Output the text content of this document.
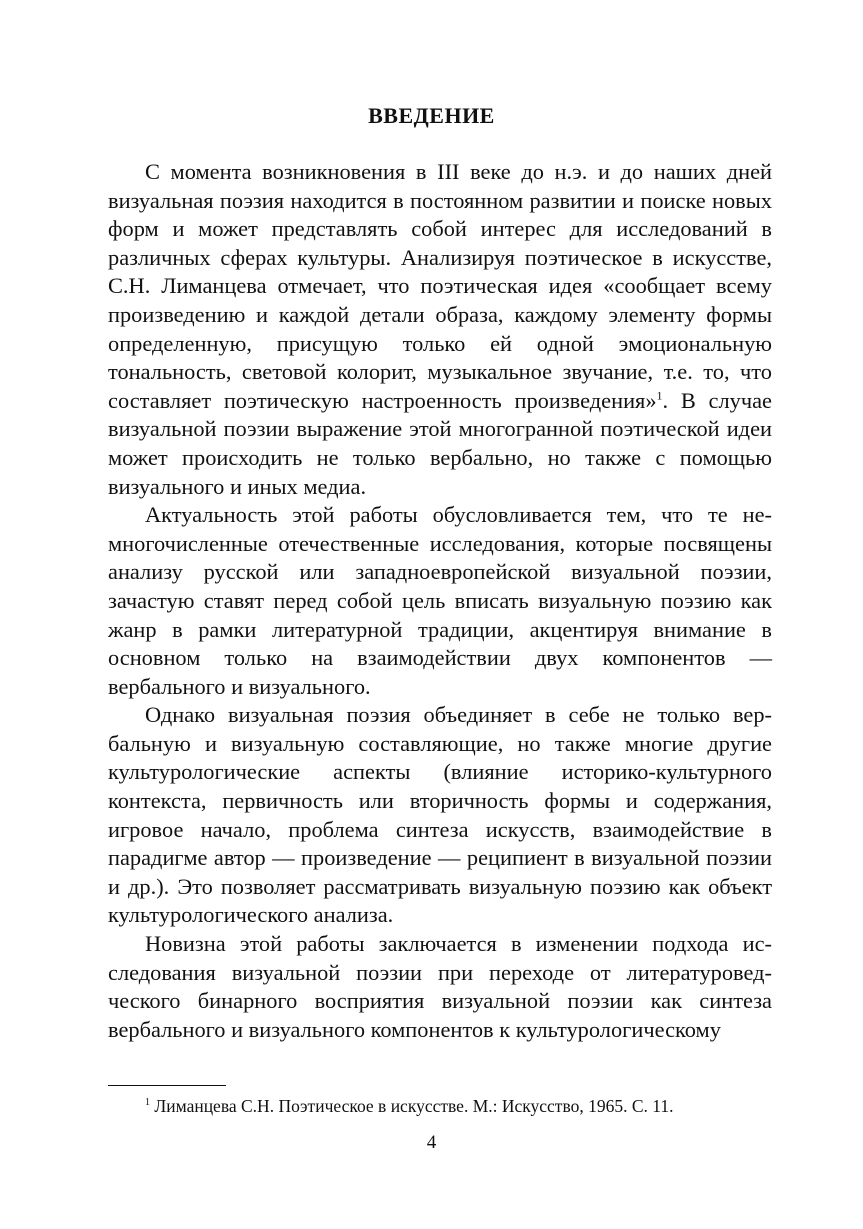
ВВЕДЕНИЕ

С момента возникновения в III веке до н.э. и до наших дней визуальная поэзия находится в постоянном развитии и поиске новых форм и может представлять собой интерес для исследований в различных сферах культуры. Анализируя поэтическое в искусстве, С.Н. Лиманцева отмечает, что поэтическая идея «сообщает всему произведению и каждой детали образа, каждому элементу формы определенную, присущую только ей одной эмоциональную тональность, световой колорит, музыкальное звучание, т.е. то, что составляет поэтическую настроенность произведения»$^1$. В случае визуальной поэзии выражение этой многогранной поэтической идеи может происходить не только вербально, но также с помощью визуального и иных медиа.

Актуальность этой работы обусловливается тем, что те немногочисленные отечественные исследования, которые посвящены анализу русской или западноевропейской визуальной поэзии, зачастую ставят перед собой цель вписать визуальную поэзию как жанр в рамки литературной традиции, акцентируя внимание в основном только на взаимодействии двух компонентов — вербального и визуального.

Однако визуальная поэзия объединяет в себе не только вербальную и визуальную составляющие, но также многие другие культурологические аспекты (влияние историко-культурного контекста, первичность или вторичность формы и содержания, игровое начало, проблема синтеза искусств, взаимодействие в парадигме автор — произведение — реципиент в визуальной поэзии и др.). Это позволяет рассматривать визуальную поэзию как объект культурологического анализа.

Новизна этой работы заключается в изменении подхода исследования визуальной поэзии при переходе от литературоведческого бинарного восприятия визуальной поэзии как синтеза вербального и визуального компонентов к культурологическому

$^1$ Лиманцева С.Н. Поэтическое в искусстве. М.: Искусство, 1965. С. 11.
4
